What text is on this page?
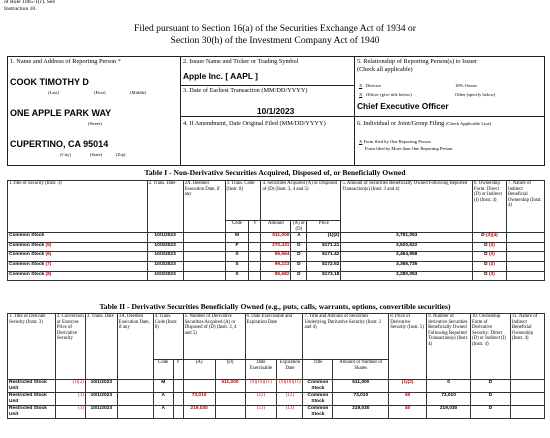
of Rule 10b5-1(c). See
Instruction 10.
Filed pursuant to Section 16(a) of the Securities Exchange Act of 1934 or
Section 30(h) of the Investment Company Act of 1940
1. Name and Address of Reporting Person *
COOK TIMOTHY D
(Last)	(First)	(Middle)
ONE APPLE PARK WAY
(Street)
CUPERTINO, CA 95014
(City)	(State)	(Zip)
2. Issuer Name and Ticker or Trading Symbol
Apple Inc. [ AAPL ]
3. Date of Earliest Transaction (MM/DD/YYYY)
10/1/2023
4. If Amendment, Date Original Filed (MM/DD/YYYY)
5. Relationship of Reporting Person(s) to Issuer
(Check all applicable)
X Director	10% Owner
X Officer (give title below)	Other (specify below)
Chief Executive Officer
6. Individual or Joint/Group Filing (Check Applicable Line)
X Form filed by One Reporting Person
Form filed by More than One Reporting Person
Table I - Non-Derivative Securities Acquired, Disposed of, or Beneficially Owned
1.Title of Security (Instr. 3)	2. Trans. Date	2A. Deemed Execution Date, if any	3. Trans. Code (Instr. 8)		4. Securities Acquired (A) or Disposed of (D) (Instr. 3, 4 and 5)			5. Amount of Securities Beneficially Owned Following Reported Transaction(s) (Instr. 3 and 4)	6. Ownership Form: Direct (D) or Indirect (I) (Instr. 4)	7. Nature of Indirect Beneficial Ownership (Instr. 4)
			Code	V	Amount	(A) or (D)	Price			
Common Stock	10/1/2023		M		511,000	A	(1)(2)	3,791,053	D (3)(4)	
Common Stock (5)	10/3/2023		F		270,431	D	$171.21	3,520,622	D (3)	
Common Stock (6)	10/3/2023		S		55,664	D	$171.42	3,464,958	D (3)	
Common Stock (7)	10/3/2023		S		99,223	D	$172.52	3,365,735	D (3)	
Common Stock (8)	10/3/2023		S		85,682	D	$173.18	3,280,053	D (3)	
Table II - Derivative Securities Beneficially Owned (e.g., puts, calls, warrants, options, convertible securities)
1. Title of Derivate Security (Instr. 3)	2. Conversion or Exercise Price of Derivative Security	3. Trans. Date	3A. Deemed Execution Date, if any	4. Trans. Code (Instr. 8)		5. Number of Derivative Securities Acquired (A) or Disposed of (D) (Instr. 3, 4 and 5)		6. Date Exercisable and Expiration Date		7. Title and Amount of Securities Underlying Derivative Security (Instr. 3 and 4)		8. Price of Derivative Security (Instr. 5)	9. Number of derivative Securities Beneficially Owned Following Reported Transaction(s) (Instr. 4)	10. Ownership Form of Derivative Security: Direct (D) or Indirect (I) (Instr. 4)	11. Nature of Indirect Beneficial Ownership (Instr. 4)
				Code	V	(A)	(D)	Date Exercisable	Expiration Date	Title	Amount or Number of Shares				
Restricted Stock Unit	(1)(2)	10/1/2023		M			511,000	(9)(10)(11)	(9)(10)(11)	Common Stock	511,000	(1)(2)	0	D	
Restricted Stock Unit	(1)	10/1/2023		A		73,010		(12)	(12)	Common Stock	73,010	$0	73,010	D	
Restricted Stock Unit	(1)	10/1/2023		A		219,030		(13)	(13)	Common Stock	219,030	$0	219,030	D	
